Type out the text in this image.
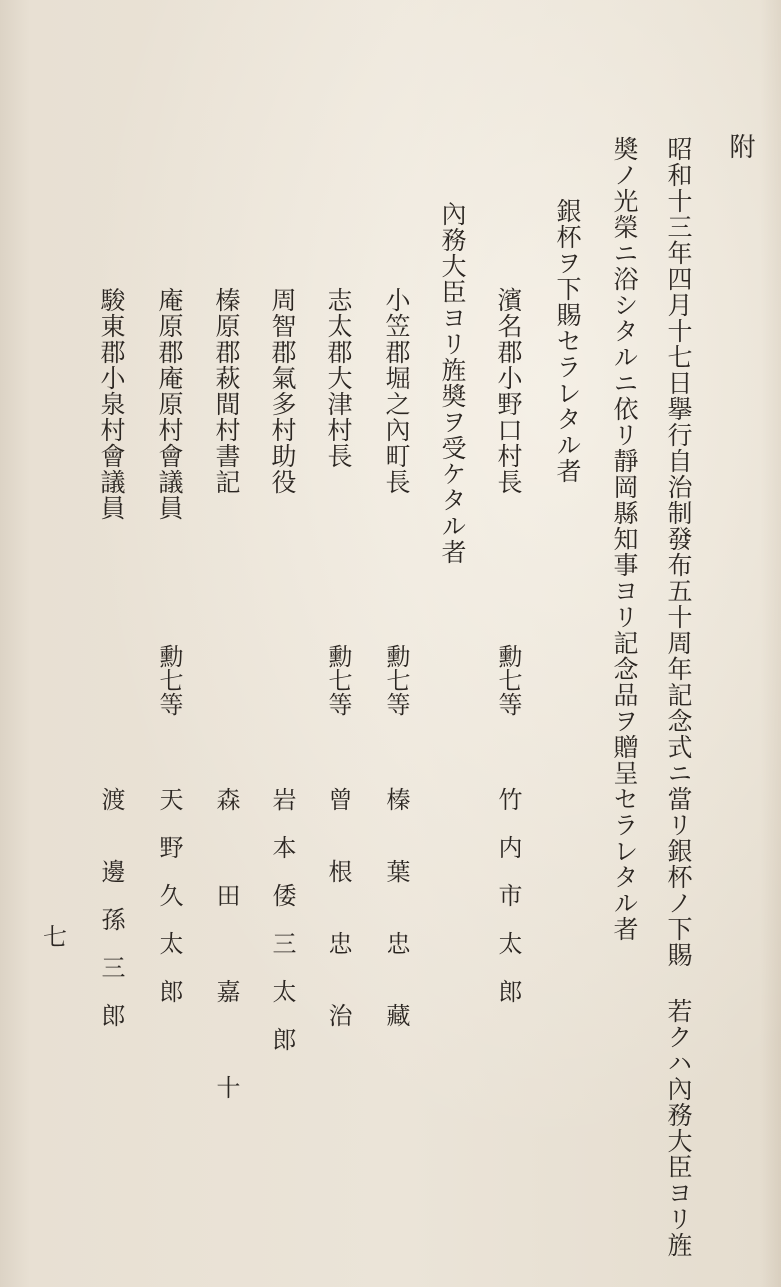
附
昭和十三年四月十七日擧行自治制發布五十周年記念式ニ當リ銀杯ノ下賜 若クハ內務大臣ヨリ旌
奬ノ光榮ニ浴シタルニ依リ靜岡縣知事ヨリ記念品ヲ贈呈セラレタル者
銀杯ヲ下賜セラレタル者
濱名郡小野口村長
勳七等
竹　内　市　太　郎
內務大臣ヨリ旌奬ヲ受ケタル者
小笠郡堀之內町長
勳七等
榛　　葉　　忠　　藏
志太郡大津村長
勳七等
曾　　根　　忠　　治
周智郡氣多村助役
岩　本　倭　三　太　郎
榛原郡萩間村書記
森　　　田　　　嘉　　　十
庵原郡庵原村會議員
勳七等
天　野　久　太　郎
駿東郡小泉村會議員
渡　　邊　孫　三　郎
七
